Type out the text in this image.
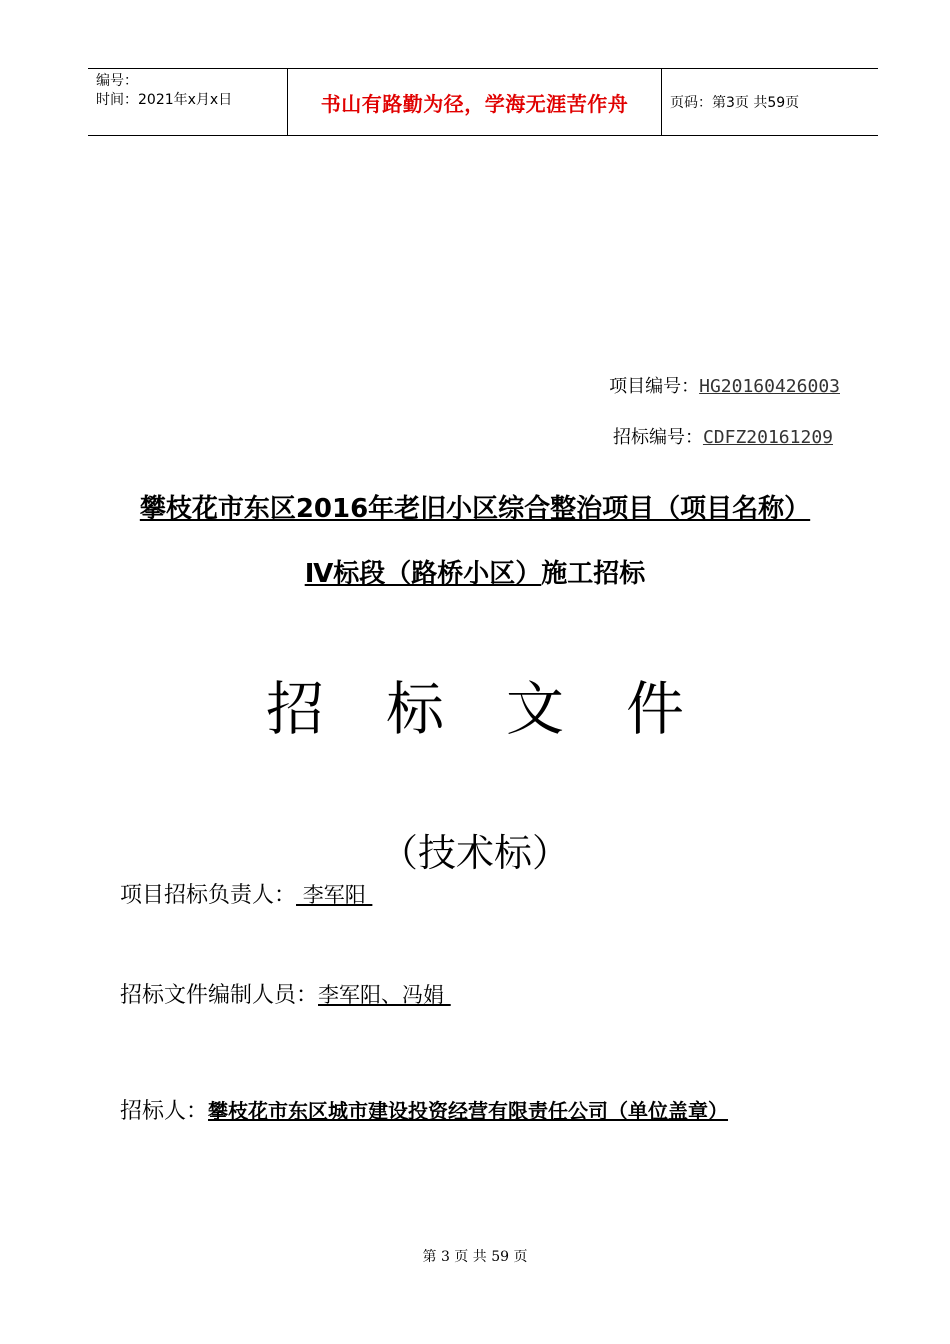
编号：
时间：2021年x月x日	书山有路勤为径，学海无涯苦作舟	页码：第3页 共59页
项目编号：HG20160426003
招标编号：CDFZ20161209
攀枝花市东区2016年老旧小区综合整治项目（项目名称）
Ⅳ标段（路桥小区）施工招标
招标文件
（技术标）
项目招标负责人： 李军阳
招标文件编制人员：李军阳、冯娟
招标人：攀枝花市东区城市建设投资经营有限责任公司（单位盖章）
第 3 页 共 59 页
